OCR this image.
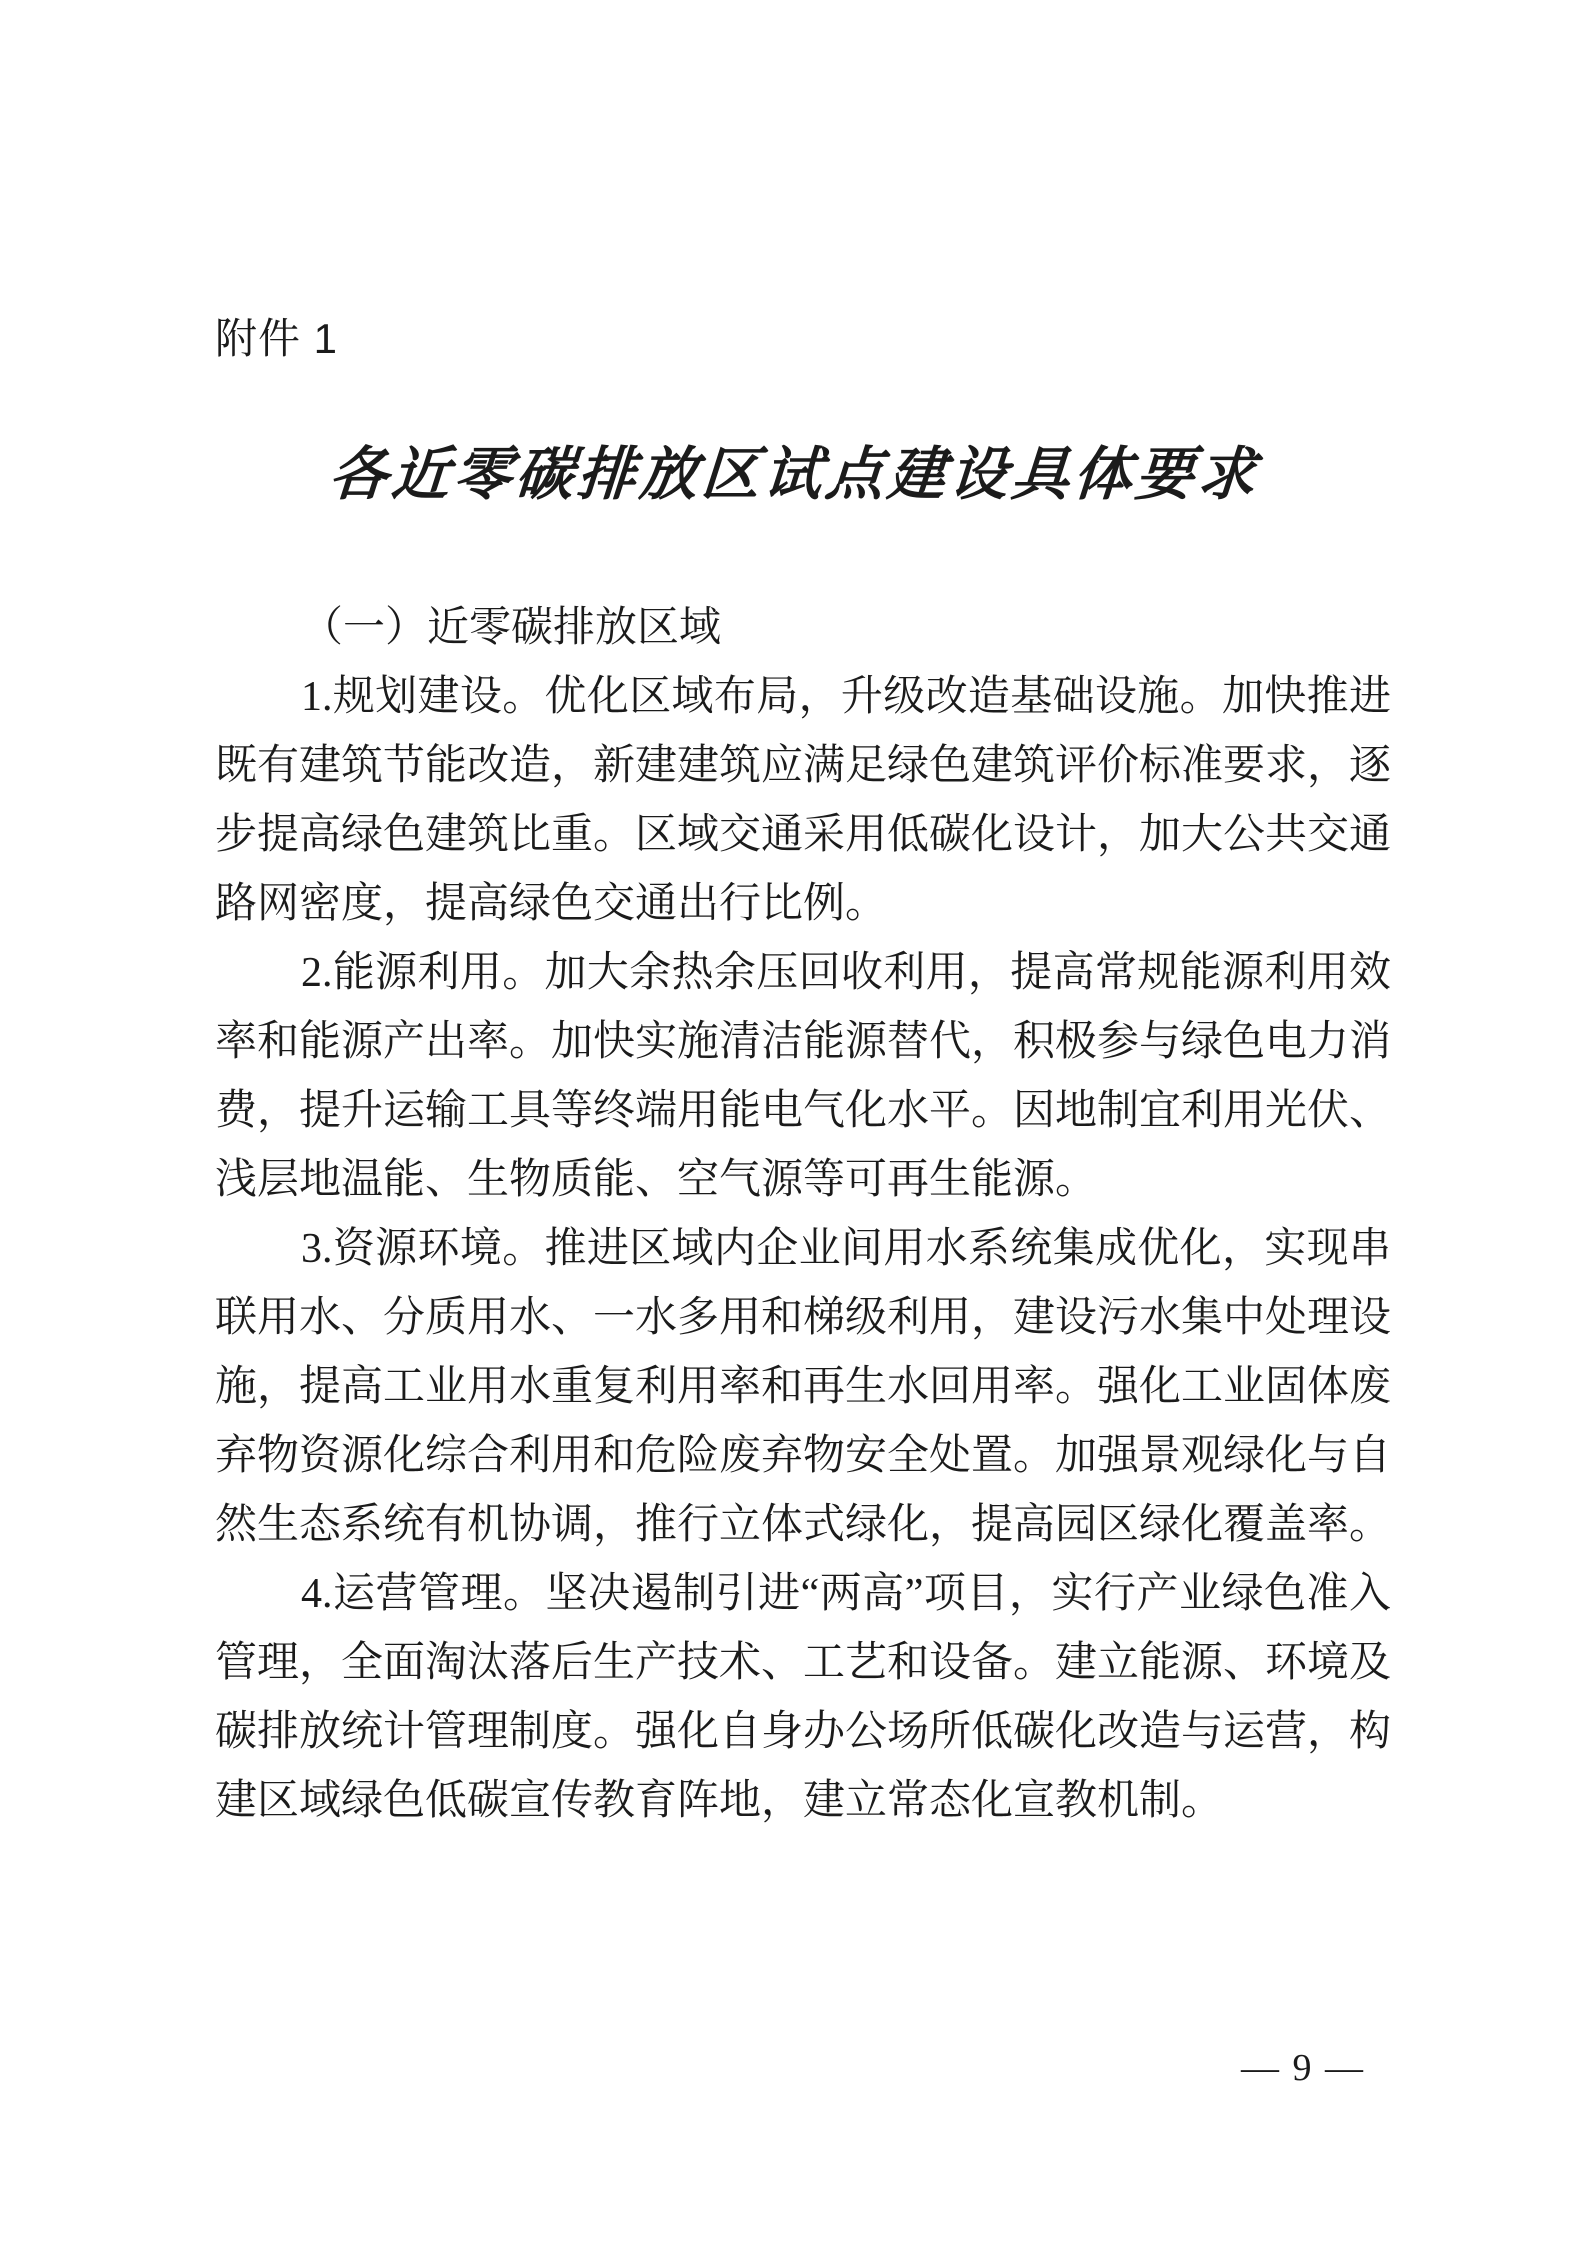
附件 1
各近零碳排放区试点建设具体要求
（一）近零碳排放区域

1.规划建设。优化区域布局，升级改造基础设施。加快推进既有建筑节能改造，新建建筑应满足绿色建筑评价标准要求，逐步提高绿色建筑比重。区域交通采用低碳化设计，加大公共交通路网密度，提高绿色交通出行比例。

2.能源利用。加大余热余压回收利用，提高常规能源利用效率和能源产出率。加快实施清洁能源替代，积极参与绿色电力消费，提升运输工具等终端用能电气化水平。因地制宜利用光伏、浅层地温能、生物质能、空气源等可再生能源。

3.资源环境。推进区域内企业间用水系统集成优化，实现串联用水、分质用水、一水多用和梯级利用，建设污水集中处理设施，提高工业用水重复利用率和再生水回用率。强化工业固体废弃物资源化综合利用和危险废弃物安全处置。加强景观绿化与自然生态系统有机协调，推行立体式绿化，提高园区绿化覆盖率。

4.运营管理。坚决遏制引进“两高”项目，实行产业绿色准入管理，全面淘汰落后生产技术、工艺和设备。建立能源、环境及碳排放统计管理制度。强化自身办公场所低碳化改造与运营，构建区域绿色低碳宣传教育阵地，建立常态化宣教机制。

— 9 —
